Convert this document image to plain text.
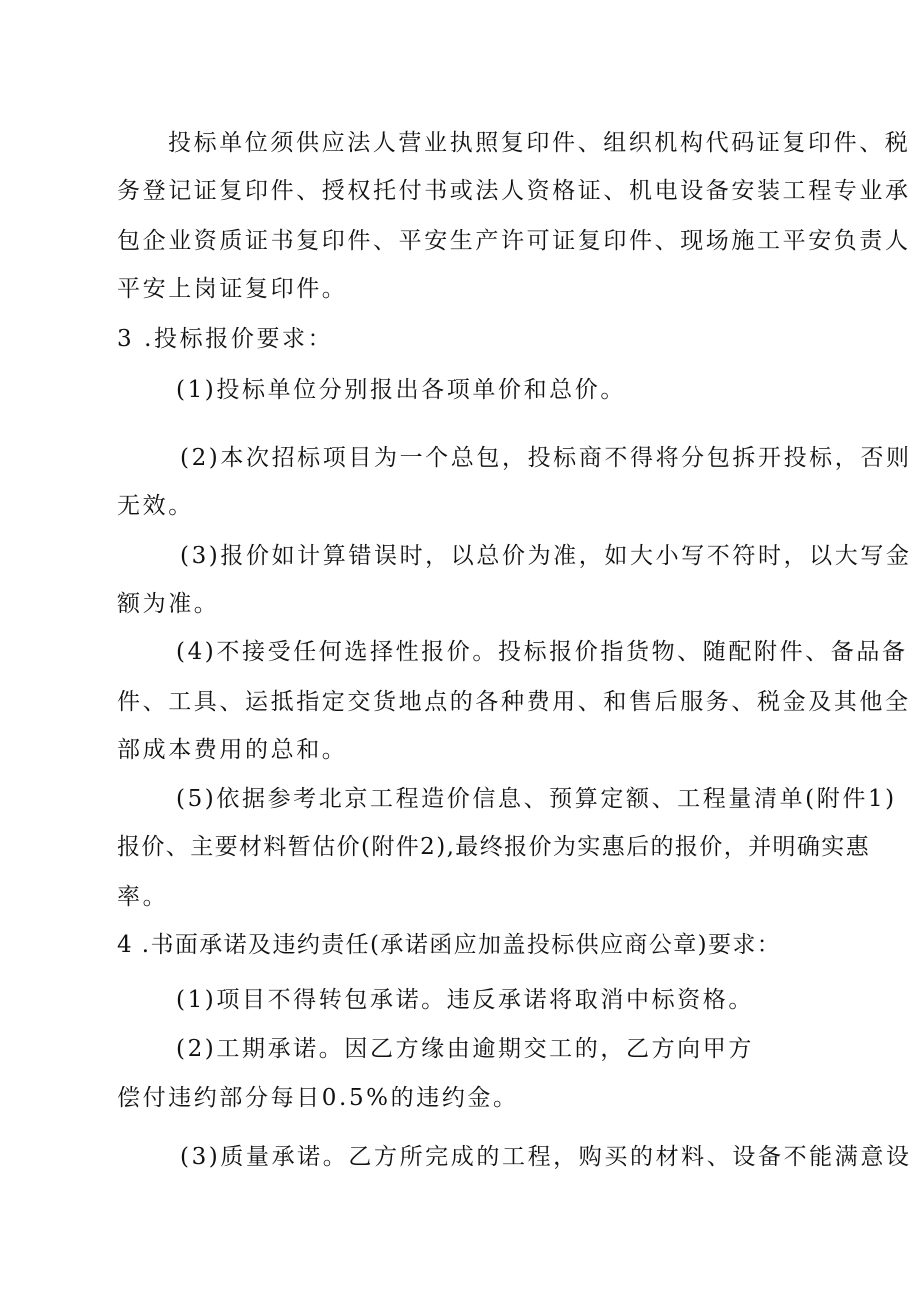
投标单位须供应法人营业执照复印件、组织机构代码证复印件、税
务登记证复印件、授权托付书或法人资格证、机电设备安装工程专业承
包企业资质证书复印件、平安生产许可证复印件、现场施工平安负责人
平安上岗证复印件。
3 .投标报价要求：
(1)投标单位分别报出各项单价和总价。
(2)本次招标项目为一个总包，投标商不得将分包拆开投标，否则
无效。
(3)报价如计算错误时，以总价为准，如大小写不符时，以大写金
额为准。
(4)不接受任何选择性报价。投标报价指货物、随配附件、备品备
件、工具、运抵指定交货地点的各种费用、和售后服务、税金及其他全
部成本费用的总和。
(5)依据参考北京工程造价信息、预算定额、工程量清单(附件1)
报价、主要材料暂估价(附件2),最终报价为实惠后的报价，并明确实惠
率。
4 .书面承诺及违约责任(承诺函应加盖投标供应商公章)要求：
(1)项目不得转包承诺。违反承诺将取消中标资格。
(2)工期承诺。因乙方缘由逾期交工的，乙方向甲方
偿付违约部分每日0.5%的违约金。
(3)质量承诺。乙方所完成的工程，购买的材料、设备不能满意设
